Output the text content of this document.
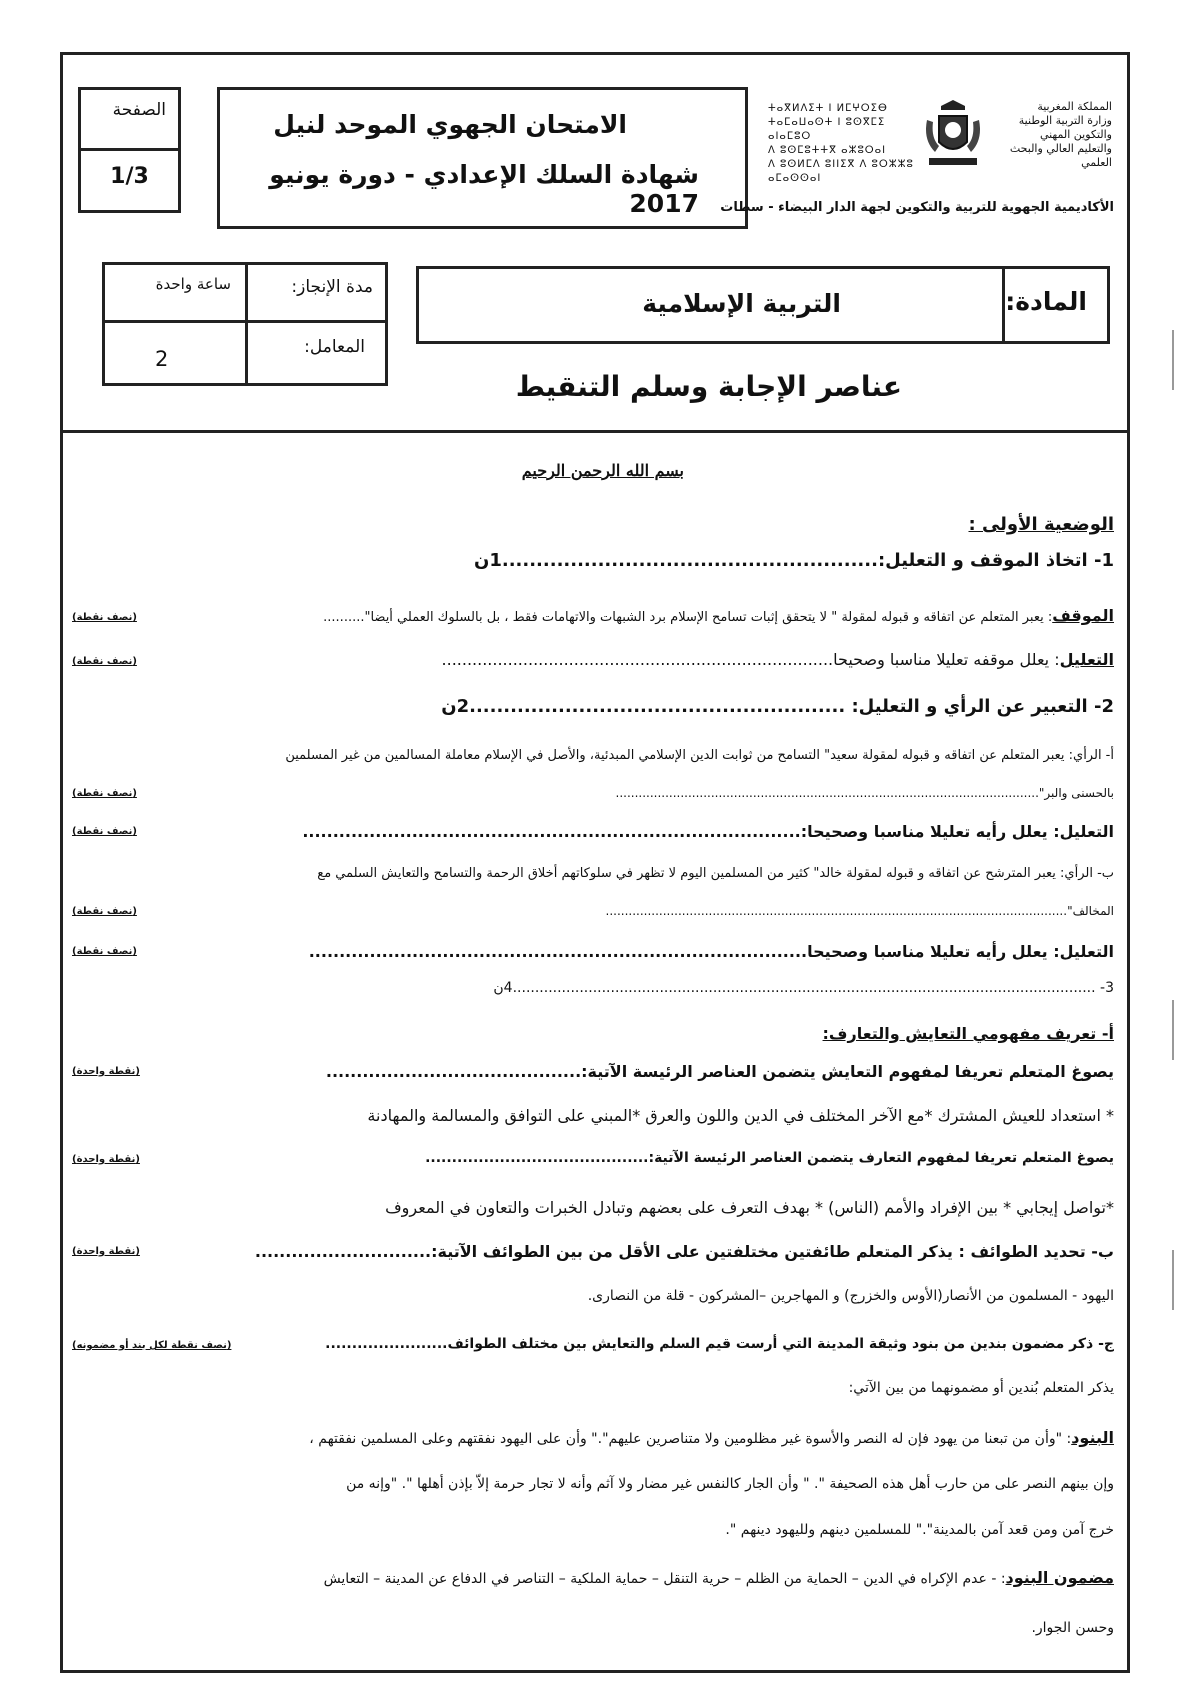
الصفحة
1/3
الامتحان الجهوي الموحد لنيل
شهادة السلك الإعدادي - دورة يونيو 2017
ⵜⴰⴳⵍⴷⵉⵜ ⵏ ⵍⵎⵖⵔⵉⴱ
ⵜⴰⵎⴰⵡⴰⵙⵜ ⵏ ⵓⵙⴳⵎⵉ ⴰⵏⴰⵎⵓⵔ
ⴷ ⵓⵙⵎⵓⵜⵜⴳ ⴰⵣⵓⵔⴰⵏ
ⴷ ⵓⵙⵍⵎⴷ ⵓⵏⵏⵉⴳ ⴷ ⵓⵔⵣⵣⵓ ⴰⵎⴰⵙⵙⴰⵏ
المملكة المغربية
وزارة التربية الوطنية
والتكوين المهني
والتعليم العالي والبحث العلمي
الأكاديمية الجهوية للتربية والتكوين لجهة الدار البيضاء - سطات
مدة الإنجاز:
ساعة واحدة
المعامل:
2
المادة:
التربية الإسلامية
عناصر الإجابة وسلم التنقيط
بسم الله الرحمن الرحيم
الوضعية الأولى :
1- اتخاذ الموقف و التعليل:.......................................................1ن
الموقف: يعبر المتعلم عن اتفاقه و قبوله لمقولة " لا يتحقق إثبات تسامح الإسلام برد الشبهات والاتهامات فقط ، بل بالسلوك العملي أيضا"..........
(نصف نقطة)
التعليل: يعلل موقفه تعليلا مناسبا وصحيحا.............................................................................
(نصف نقطة)
2- التعبير عن الرأي و التعليل: .......................................................2ن
أ- الرأي: يعبر المتعلم عن اتفاقه و قبوله لمقولة سعيد" التسامح من ثوابت الدين الإسلامي المبدئية، والأصل في الإسلام معاملة المسالمين من غير المسلمين
بالحسنى والبر"...............................................................................................................
(نصف نقطة)
التعليل: يعلل رأيه تعليلا مناسبا وصحيحا:..................................................................................
(نصف نقطة)
ب- الرأي: يعبر المترشح عن اتفاقه و قبوله لمقولة خالد" كثير من المسلمين اليوم لا تظهر في سلوكاتهم أخلاق الرحمة والتسامح والتعايش السلمي مع
المخالف".........................................................................................................................
(نصف نقطة)
التعليل: يعلل رأيه تعليلا مناسبا وصحيحا..................................................................................
(نصف نقطة)
3- ...................................................................................................................................4ن
أ- تعريف مفهومي التعايش والتعارف:
يصوغ المتعلم تعريفا لمفهوم التعايش يتضمن العناصر الرئيسة الآتية:..........................................
(نقطة واحدة)
* استعداد للعيش المشترك *مع الآخر المختلف في الدين واللون والعرق *المبني على التوافق والمسالمة والمهادنة
يصوغ المتعلم تعريفا لمفهوم التعارف يتضمن العناصر الرئيسة الآتية:..........................................
(نقطة واحدة)
*تواصل إيجابي * بين الإفراد والأمم (الناس) * بهدف التعرف على بعضهم وتبادل الخبرات والتعاون في المعروف
ب- تحديد الطوائف : يذكر المتعلم طائفتين مختلفتين على الأقل من بين الطوائف الآتية:.............................
(نقطة واحدة)
اليهود - المسلمون من الأنصار(الأوس والخزرج) و المهاجرين –المشركون - قلة من النصارى.
ج- ذكر مضمون بندين من بنود وثيقة المدينة التي أرست قيم السلم والتعايش بين مختلف الطوائف.......................
(نصف نقطة لكل بند أو مضمونه)
يذكر المتعلم بُندين أو مضمونهما من بين الآتي:
البنود: "وأن من تبعنا من يهود فإن له النصر والأسوة غير مظلومين ولا متناصرين عليهم"." وأن على اليهود نفقتهم وعلى المسلمين نفقتهم ،
وإن بينهم النصر على من حارب أهل هذه الصحيفة ". " وأن الجار كالنفس غير مضار ولا آثم وأنه لا تجار حرمة إلاّ بإذن أهلها ". "وإنه من
خرج آمن ومن قعد آمن بالمدينة"." للمسلمين دينهم ولليهود دينهم ".
مضمون البنود: - عدم الإكراه في الدين – الحماية من الظلم – حرية التنقل – حماية الملكية – التناصر في الدفاع عن المدينة – التعايش
وحسن الجوار.
